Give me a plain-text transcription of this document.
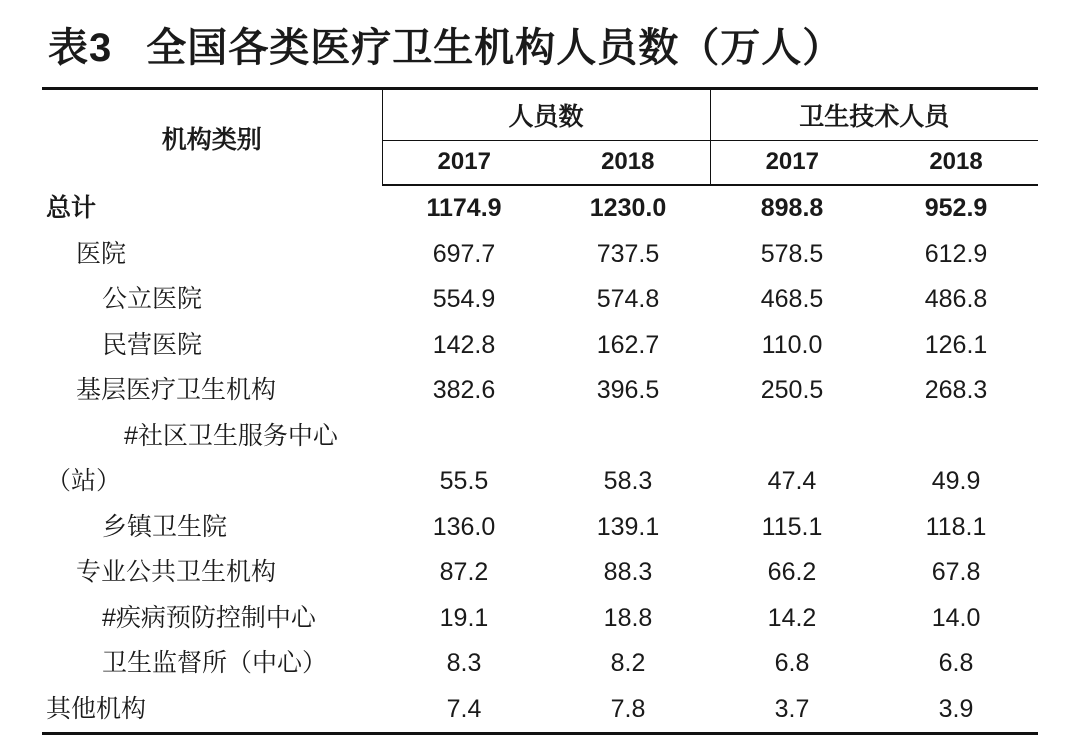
表3 全国各类医疗卫生机构人员数（万人）
机构类别	人员数		卫生技术人员	
	2017	2018	2017	2018
总计	1174.9	1230.0	898.8	952.9
医院	697.7	737.5	578.5	612.9
公立医院	554.9	574.8	468.5	486.8
民营医院	142.8	162.7	110.0	126.1
基层医疗卫生机构	382.6	396.5	250.5	268.3
#社区卫生服务中心				
（站）	55.5	58.3	47.4	49.9
乡镇卫生院	136.0	139.1	115.1	118.1
专业公共卫生机构	87.2	88.3	66.2	67.8
#疾病预防控制中心	19.1	18.8	14.2	14.0
卫生监督所（中心）	8.3	8.2	6.8	6.8
其他机构	7.4	7.8	3.7	3.9
